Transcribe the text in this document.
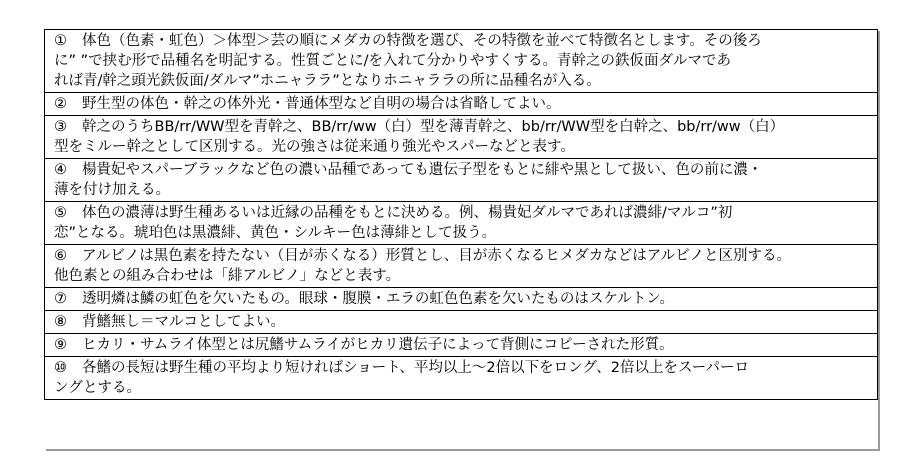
①	体色（色素・虹色）＞体型＞芸の順にメダカの特徴を選び、その特徴を並べて特徴名とします。その後ろ
に” ”で挟む形で品種名を明記する。性質ごとに/を入れて分かりやすくする。青幹之の鉄仮面ダルマであ
れば青/幹之頭光鉄仮面/ダルマ”ホニャララ”となりホニャララの所に品種名が入る。

②	野生型の体色・幹之の体外光・普通体型など自明の場合は省略してよい。

③	幹之のうちBB/rr/WW型を青幹之、BB/rr/ww（白）型を薄青幹之、bb/rr/WW型を白幹之、bb/rr/ww（白）
型をミルー幹之として区別する。光の強さは従来通り強光やスパーなどと表す。

④	楊貴妃やスパーブラックなど色の濃い品種であっても遺伝子型をもとに緋や黒として扱い、色の前に濃・
薄を付け加える。

⑤	体色の濃薄は野生種あるいは近縁の品種をもとに決める。例、楊貴妃ダルマであれば濃緋/マルコ”初
恋”となる。琥珀色は黒濃緋、黄色・シルキー色は薄緋として扱う。

⑥	アルビノは黒色素を持たない（目が赤くなる）形質とし、目が赤くなるヒメダカなどはアルビノと区別する。
他色素との組み合わせは「緋アルビノ」などと表す。

⑦	透明燐は鱗の虹色を欠いたもの。眼球・腹膜・エラの虹色色素を欠いたものはスケルトン。

⑧	背鰭無し＝マルコとしてよい。

⑨	ヒカリ・サムライ体型とは尻鰭サムライがヒカリ遺伝子によって背側にコピーされた形質。

⑩	各鰭の長短は野生種の平均より短ければショート、平均以上～2倍以下をロング、2倍以上をスーパーロ
ングとする。
